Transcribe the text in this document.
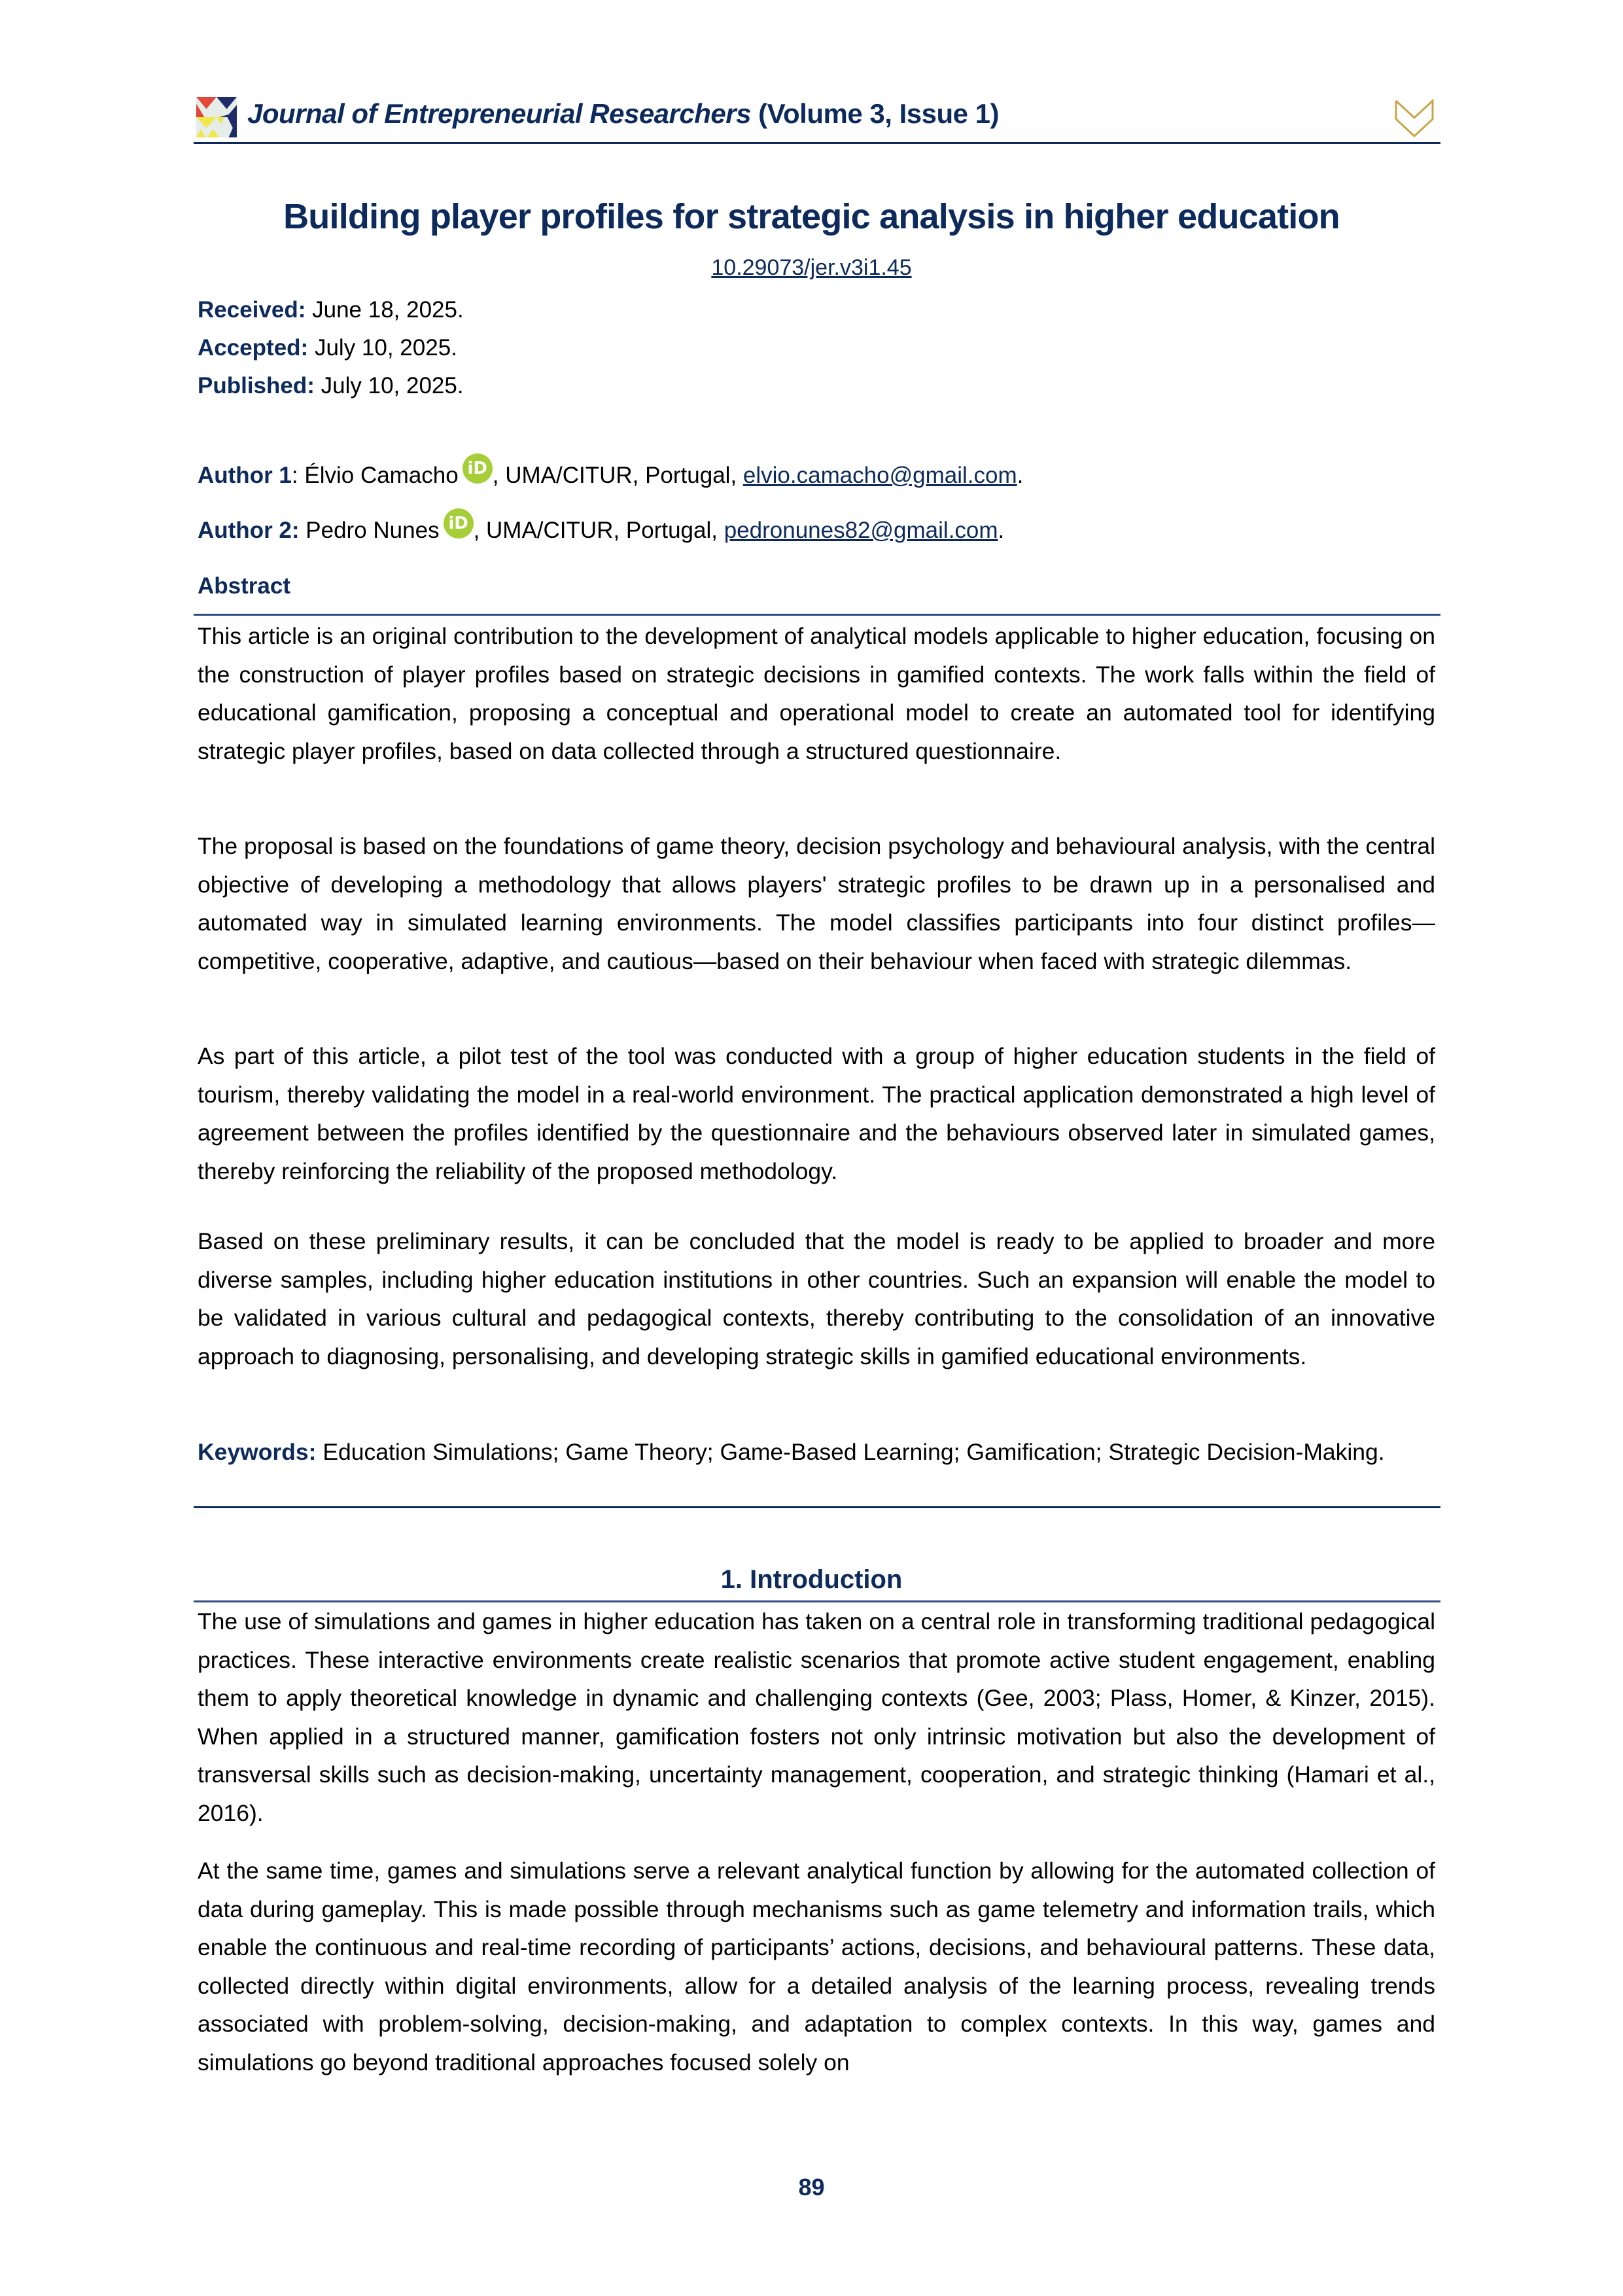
Journal of Entrepreneurial Researchers (Volume 3, Issue 1)
Building player profiles for strategic analysis in higher education
10.29073/jer.v3i1.45
Received: June 18, 2025.
Accepted: July 10, 2025.
Published: July 10, 2025.
Author 1: Élvio Camacho iD , UMA/CITUR, Portugal, elvio.camacho@gmail.com.
Author 2: Pedro Nunes iD , UMA/CITUR, Portugal, pedronunes82@gmail.com.
Abstract

This article is an original contribution to the development of analytical models applicable to higher education, focusing on the construction of player profiles based on strategic decisions in gamified contexts. The work falls within the field of educational gamification, proposing a conceptual and operational model to create an automated tool for identifying strategic player profiles, based on data collected through a structured questionnaire.

The proposal is based on the foundations of game theory, decision psychology and behavioural analysis, with the central objective of developing a methodology that allows players' strategic profiles to be drawn up in a personalised and automated way in simulated learning environments. The model classifies participants into four distinct profiles—competitive, cooperative, adaptive, and cautious—based on their behaviour when faced with strategic dilemmas.

As part of this article, a pilot test of the tool was conducted with a group of higher education students in the field of tourism, thereby validating the model in a real-world environment. The practical application demonstrated a high level of agreement between the profiles identified by the questionnaire and the behaviours observed later in simulated games, thereby reinforcing the reliability of the proposed methodology.

Based on these preliminary results, it can be concluded that the model is ready to be applied to broader and more diverse samples, including higher education institutions in other countries. Such an expansion will enable the model to be validated in various cultural and pedagogical contexts, thereby contributing to the consolidation of an innovative approach to diagnosing, personalising, and developing strategic skills in gamified educational environments.

Keywords: Education Simulations; Game Theory; Game-Based Learning; Gamification; Strategic Decision-Making.
1. Introduction

The use of simulations and games in higher education has taken on a central role in transforming traditional pedagogical practices. These interactive environments create realistic scenarios that promote active student engagement, enabling them to apply theoretical knowledge in dynamic and challenging contexts (Gee, 2003; Plass, Homer, & Kinzer, 2015). When applied in a structured manner, gamification fosters not only intrinsic motivation but also the development of transversal skills such as decision-making, uncertainty management, cooperation, and strategic thinking (Hamari et al., 2016).

At the same time, games and simulations serve a relevant analytical function by allowing for the automated collection of data during gameplay. This is made possible through mechanisms such as game telemetry and information trails, which enable the continuous and real-time recording of participants’ actions, decisions, and behavioural patterns. These data, collected directly within digital environments, allow for a detailed analysis of the learning process, revealing trends associated with problem-solving, decision-making, and adaptation to complex contexts. In this way, games and simulations go beyond traditional approaches focused solely on

89
